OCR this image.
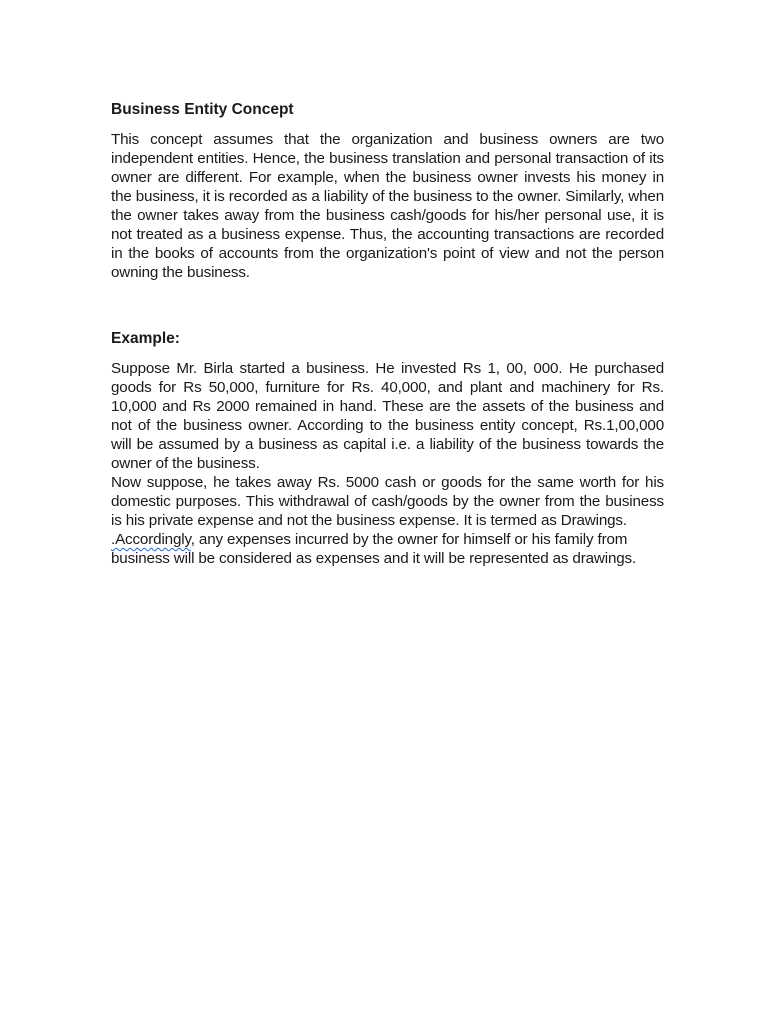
Business Entity Concept

This concept assumes that the organization and business owners are two independent entities. Hence, the business translation and personal transaction of its owner are different. For example, when the business owner invests his money in the business, it is recorded as a liability of the business to the owner. Similarly, when the owner takes away from the business cash/goods for his/her personal use, it is not treated as a business expense. Thus, the accounting transactions are recorded in the books of accounts from the organization's point of view and not the person owning the business.

Example:

Suppose Mr. Birla started a business. He invested Rs 1, 00, 000. He purchased goods for Rs 50,000, furniture for Rs. 40,000, and plant and machinery for Rs. 10,000 and Rs 2000 remained in hand. These are the assets of the business and not of the business owner. According to the business entity concept, Rs.1,00,000 will be assumed by a business as capital i.e. a liability of the business towards the owner of the business.

Now suppose, he takes away Rs. 5000 cash or goods for the same worth for his domestic purposes. This withdrawal of cash/goods by the owner from the business is his private expense and not the business expense. It is termed as Drawings.

.Accordingly, any expenses incurred by the owner for himself or his family from business will be considered as expenses and it will be represented as drawings.
